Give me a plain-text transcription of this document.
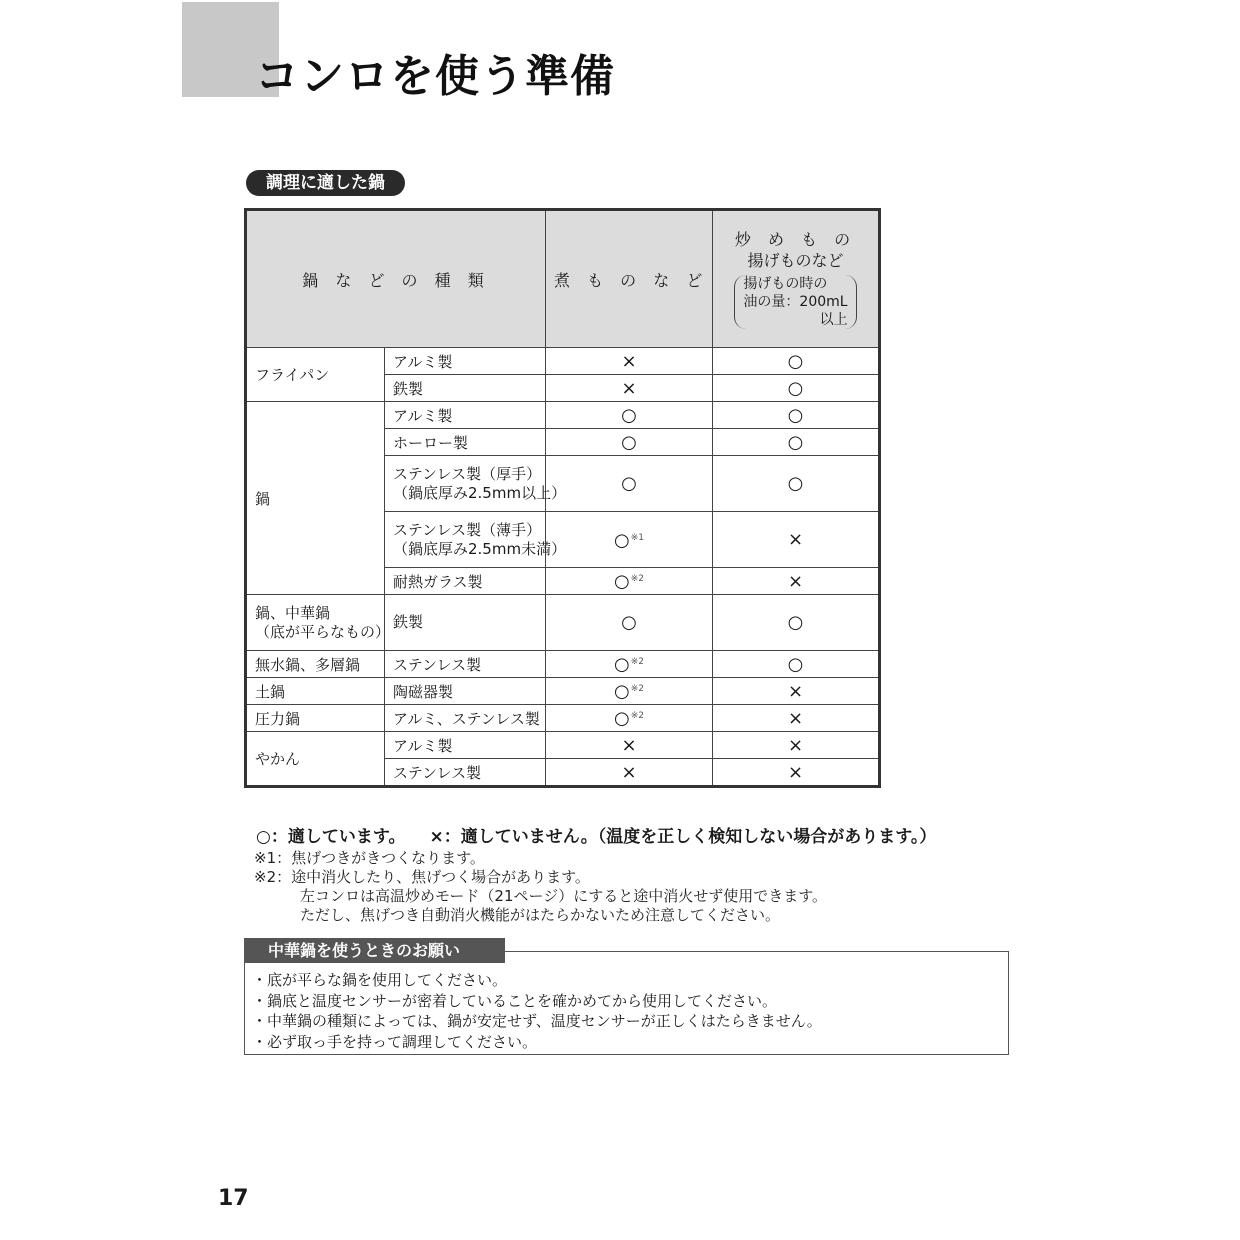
コンロを使う準備
調理に適した鍋
鍋 な ど の 種 類		煮 も の な ど	炒 め も の
揚げものなど
揚げもの時の
油の量：200mL
以上

フライパン	アルミ製	×	○
	鉄製	×	○
鍋	アルミ製	○	○
	ホーロー製	○	○
	ステンレス製（厚手）
（鍋底厚み2.5mm以上）	○	○
	ステンレス製（薄手）
（鍋底厚み2.5mm未満）	○$^{※1}$	×
	耐熱ガラス製	○$^{※2}$	×
鍋、中華鍋
（底が平らなもの）	鉄製	○	○
無水鍋、多層鍋	ステンレス製	○$^{※2}$	○
土鍋	陶磁器製	○$^{※2}$	×
圧力鍋	アルミ、ステンレス製	○$^{※2}$	×
やかん	アルミ製	×	×
	ステンレス製	×	×
○：適しています。 ×：適していません。（温度を正しく検知しない場合があります。）
※1：焦げつきがきつくなります。
※2：途中消火したり、焦げつく場合があります。
左コンロは高温炒めモード（21ページ）にすると途中消火せず使用できます。
ただし、焦げつき自動消火機能がはたらかないため注意してください。
中華鍋を使うときのお願い
・底が平らな鍋を使用してください。
・鍋底と温度センサーが密着していることを確かめてから使用してください。
・中華鍋の種類によっては、鍋が安定せず、温度センサーが正しくはたらきません。
・必ず取っ手を持って調理してください。
17
